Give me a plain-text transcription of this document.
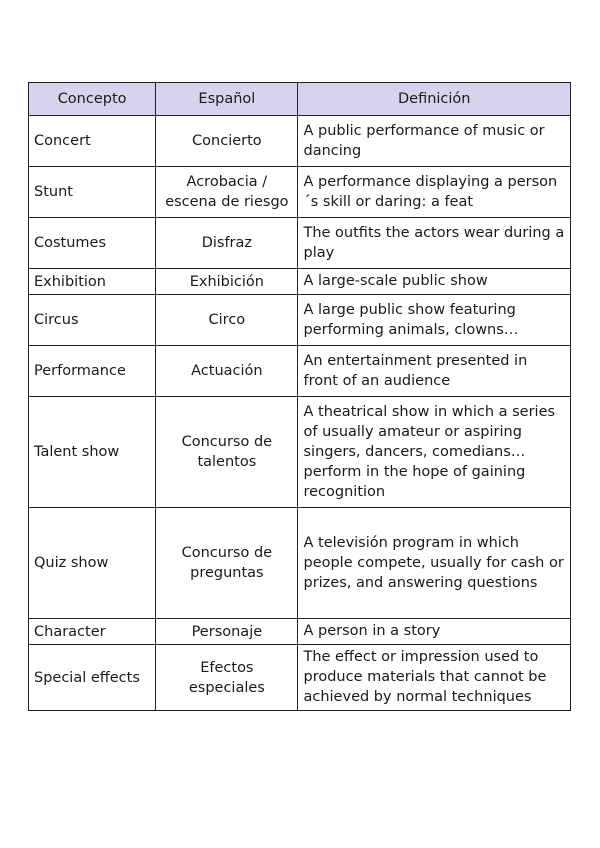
Concepto	Español	Definición
Concert	Concierto	A public performance of music or dancing
Stunt	Acrobacia / escena de riesgo	A performance displaying a person´s skill or daring: a feat
Costumes	Disfraz	The outfits the actors wear during a play
Exhibition	Exhibición	A large-scale public show
Circus	Circo	A large public show featuring performing animals, clowns…
Performance	Actuación	An entertainment presented in front of an audience
Talent show	Concurso de talentos	A theatrical show in which a series of usually amateur or aspiring singers, dancers, comedians… perform in the hope of gaining recognition
Quiz show	Concurso de preguntas	A televisión program in which people compete, usually for cash or prizes, and answering questions
Character	Personaje	A person in a story
Special effects	Efectos especiales	The effect or impression used to produce materials that cannot be achieved by normal techniques
